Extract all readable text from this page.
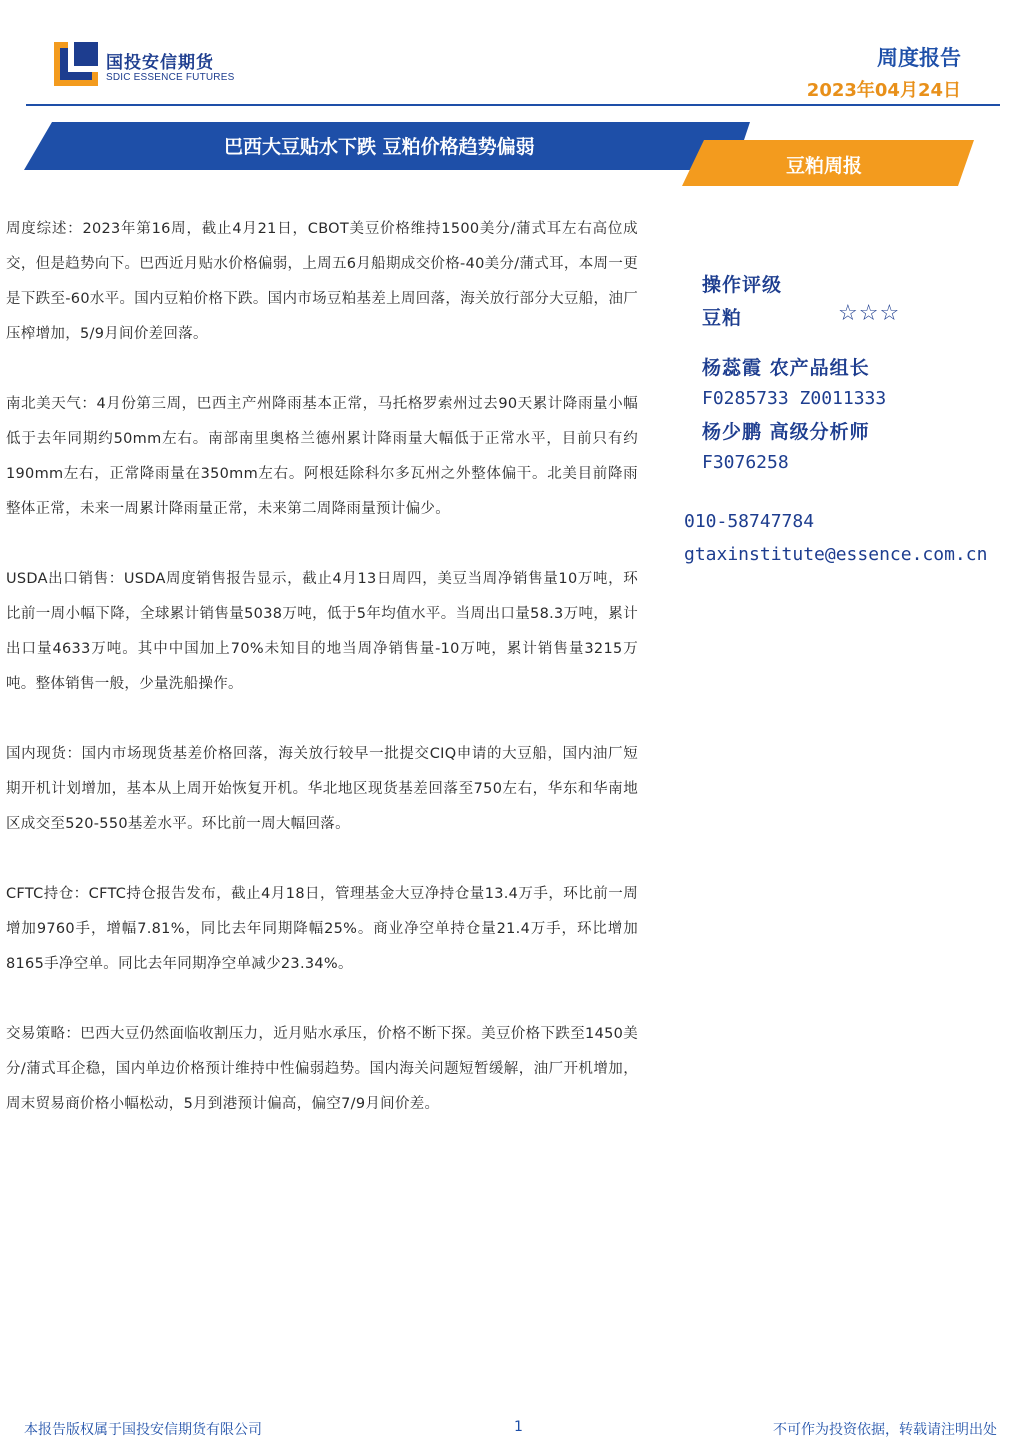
国投安信期货
SDIC ESSENCE FUTURES
周度报告
2023年04月24日
巴西大豆贴水下跌 豆粕价格趋势偏弱
豆粕周报

周度综述：2023年第16周，截止4月21日，CBOT美豆价格维持1500美分/蒲式耳左右高位成交，但是趋势向下。巴西近月贴水价格偏弱，上周五6月船期成交价格-40美分/蒲式耳，本周一更是下跌至-60水平。国内豆粕价格下跌。国内市场豆粕基差上周回落，海关放行部分大豆船，油厂压榨增加，5/9月间价差回落。

南北美天气：4月份第三周，巴西主产州降雨基本正常，马托格罗索州过去90天累计降雨量小幅低于去年同期约50mm左右。南部南里奥格兰德州累计降雨量大幅低于正常水平，目前只有约190mm左右，正常降雨量在350mm左右。阿根廷除科尔多瓦州之外整体偏干。北美目前降雨整体正常，未来一周累计降雨量正常，未来第二周降雨量预计偏少。

USDA出口销售：USDA周度销售报告显示，截止4月13日周四，美豆当周净销售量10万吨，环比前一周小幅下降，全球累计销售量5038万吨，低于5年均值水平。当周出口量58.3万吨，累计出口量4633万吨。其中中国加上70%未知目的地当周净销售量-10万吨，累计销售量3215万吨。整体销售一般，少量洗船操作。

国内现货：国内市场现货基差价格回落，海关放行较早一批提交CIQ申请的大豆船，国内油厂短期开机计划增加，基本从上周开始恢复开机。华北地区现货基差回落至750左右，华东和华南地区成交至520-550基差水平。环比前一周大幅回落。

CFTC持仓：CFTC持仓报告发布，截止4月18日，管理基金大豆净持仓量13.4万手，环比前一周增加9760手，增幅7.81%，同比去年同期降幅25%。商业净空单持仓量21.4万手，环比增加8165手净空单。同比去年同期净空单减少23.34%。

交易策略：巴西大豆仍然面临收割压力，近月贴水承压，价格不断下探。美豆价格下跌至1450美分/蒲式耳企稳，国内单边价格预计维持中性偏弱趋势。国内海关问题短暂缓解，油厂开机增加，周末贸易商价格小幅松动，5月到港预计偏高，偏空7/9月间价差。

操作评级
豆粕	☆☆☆
杨蕊霞 农产品组长
F0285733 Z0011333
杨少鹏 高级分析师
F3076258
010-58747784
gtaxinstitute@essence.com.cn
本报告版权属于国投安信期货有限公司	1	不可作为投资依据，转载请注明出处
